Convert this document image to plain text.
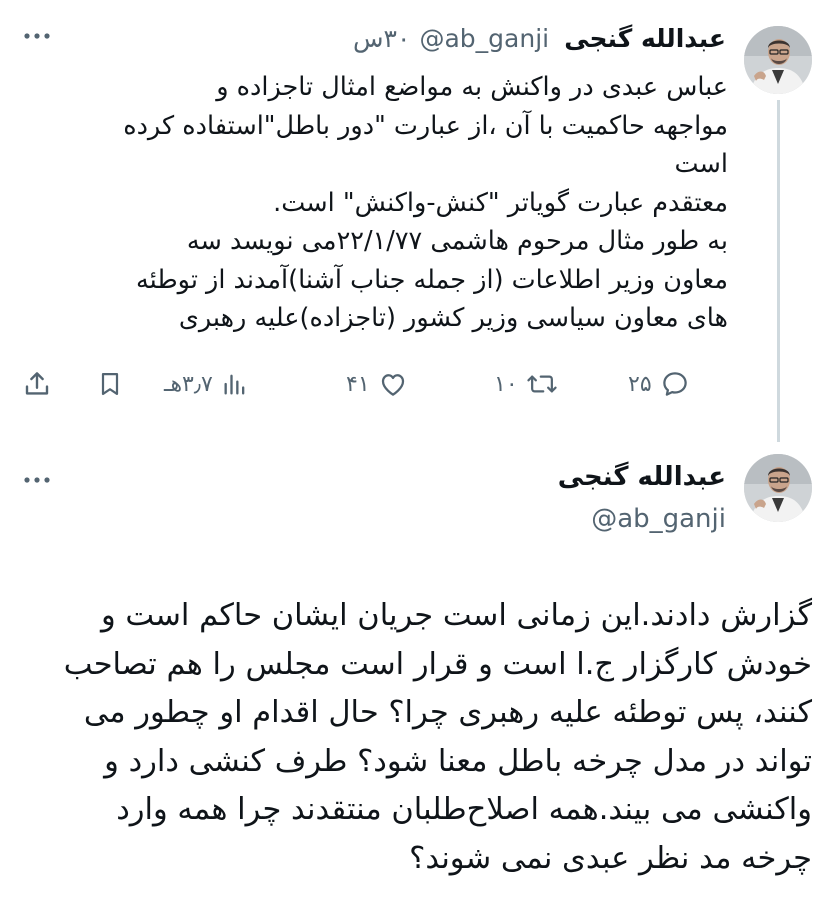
عبدالله گنجی @ab_ganji ۳۰س
عباس عبدی در واکنش به مواضع امثال تاجزاده و
مواجهه حاکمیت با آن ،از عبارت "دور باطل"استفاده کرده
است
معتقدم عبارت گویاتر "کنش-واکنش" است.
به طور مثال مرحوم هاشمی ۲۲/۱/۷۷می نویسد سه
معاون وزیر اطلاعات (از جمله جناب آشنا)آمدند از توطئه
های معاون سیاسی وزیر کشور (تاجزاده)علیه رهبری
۲۵
۱۰
۴۱
۳٫۷هـ
عبدالله گنجی
@ab_ganji
گزارش دادند.این زمانی است جریان ایشان حاکم است و
خودش کارگزار ج.ا است و قرار است مجلس را هم تصاحب
کنند، پس توطئه علیه رهبری چرا؟ حال اقدام او چطور می
تواند در مدل چرخه باطل معنا شود؟ طرف کنشی دارد و
واکنشی می بیند.همه اصلاح‌طلبان منتقدند چرا همه وارد
چرخه مد نظر عبدی نمی شوند؟
